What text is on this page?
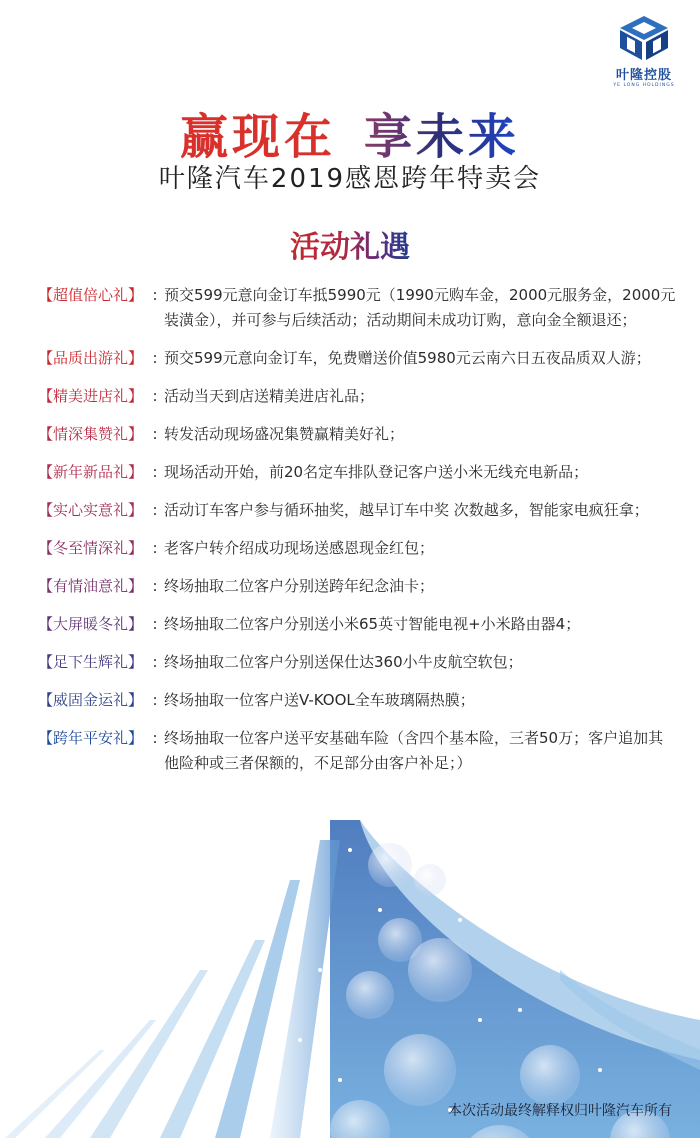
叶隆控股
YE LONG HOLDINGS
赢现在 享未来
叶隆汽车2019感恩跨年特卖会
活动礼遇
【超值倍心礼】 : 预交599元意向金订车抵5990元（1990元购车金，2000元服务金，2000元装潢金），并可参与后续活动；活动期间未成功订购，意向金全额退还；
【品质出游礼】 : 预交599元意向金订车，免费赠送价值5980元云南六日五夜品质双人游；
【精美进店礼】 : 活动当天到店送精美进店礼品；
【情深集赞礼】 : 转发活动现场盛况集赞赢精美好礼；
【新年新品礼】 : 现场活动开始，前20名定车排队登记客户送小米无线充电新品；
【实心实意礼】 : 活动订车客户参与循环抽奖，越早订车中奖 次数越多，智能家电疯狂拿；
【冬至情深礼】 : 老客户转介绍成功现场送感恩现金红包；
【有情油意礼】 : 终场抽取二位客户分别送跨年纪念油卡；
【大屏暖冬礼】 : 终场抽取二位客户分别送小米65英寸智能电视+小米路由器4；
【足下生辉礼】 : 终场抽取二位客户分别送保仕达360小牛皮航空软包；
【威固金运礼】 : 终场抽取一位客户送V-KOOL全车玻璃隔热膜；
【跨年平安礼】 : 终场抽取一位客户送平安基础车险（含四个基本险，三者50万；客户追加其他险种或三者保额的，不足部分由客户补足；）
本次活动最终解释权归叶隆汽车所有
